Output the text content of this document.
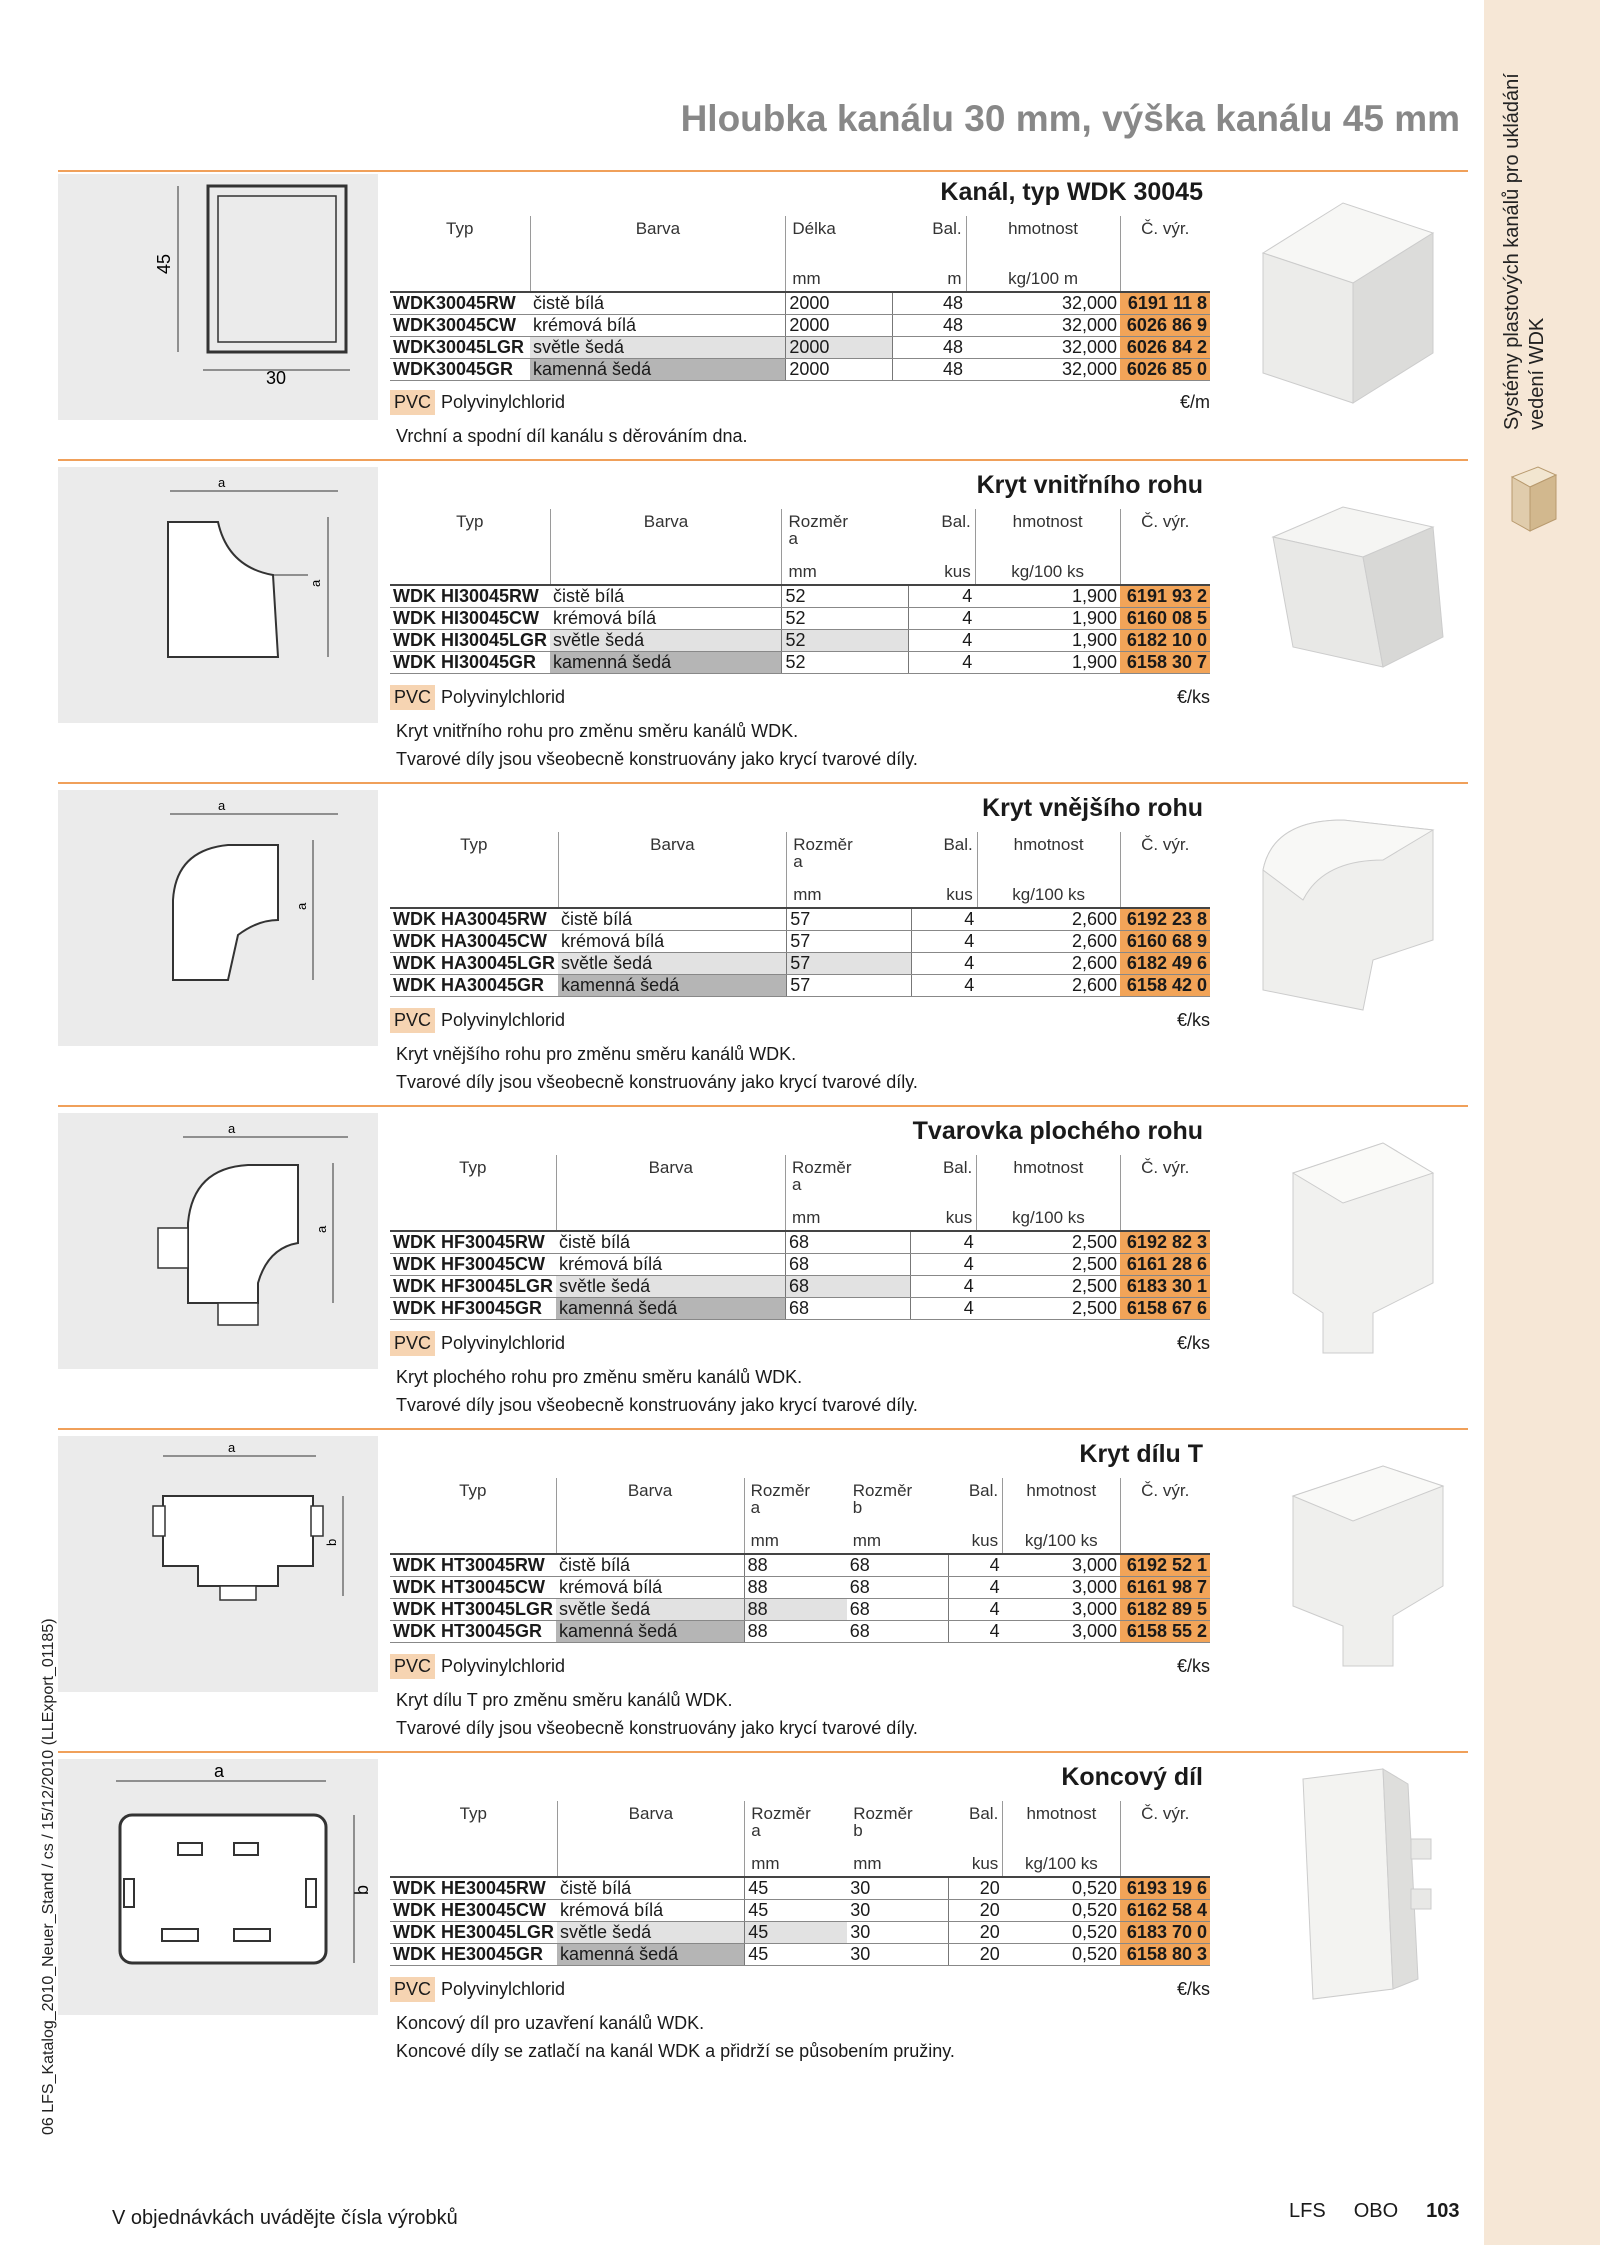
Systémy plastových kanálů pro ukládání vedení WDK
Hloubka kanálu 30 mm, výška kanálu 45 mm
45
30
Kanál, typ WDK 30045
Typ	Barva	Délka	Bal.	hmotnost	Č. výr.
		mm	m	kg/100 m	
WDK30045RW	čistě bílá	2000	48	32,000	6191 11 8
WDK30045CW	krémová bílá	2000	48	32,000	6026 86 9
WDK30045LGR	světle šedá	2000	48	32,000	6026 84 2
WDK30045GR	kamenná šedá	2000	48	32,000	6026 85 0
PVC Polyvinylchlorid	€/m
Vrchní a spodní díl kanálu s děrováním dna.
a
a
Kryt vnitřního rohu
Typ	Barva	Rozměr
a	Bal.	hmotnost	Č. výr.
		mm	kus	kg/100 ks	
WDK HI30045RW	čistě bílá	52	4	1,900	6191 93 2
WDK HI30045CW	krémová bílá	52	4	1,900	6160 08 5
WDK HI30045LGR	světle šedá	52	4	1,900	6182 10 0
WDK HI30045GR	kamenná šedá	52	4	1,900	6158 30 7
PVC Polyvinylchlorid	€/ks
Kryt vnitřního rohu pro změnu směru kanálů WDK.
Tvarové díly jsou všeobecně konstruovány jako krycí tvarové díly.
a
a
Kryt vnějšího rohu
Typ	Barva	Rozměr
a	Bal.	hmotnost	Č. výr.
		mm	kus	kg/100 ks	
WDK HA30045RW	čistě bílá	57	4	2,600	6192 23 8
WDK HA30045CW	krémová bílá	57	4	2,600	6160 68 9
WDK HA30045LGR	světle šedá	57	4	2,600	6182 49 6
WDK HA30045GR	kamenná šedá	57	4	2,600	6158 42 0
PVC Polyvinylchlorid	€/ks
Kryt vnějšího rohu pro změnu směru kanálů WDK.
Tvarové díly jsou všeobecně konstruovány jako krycí tvarové díly.
a
a
Tvarovka plochého rohu
Typ	Barva	Rozměr
a	Bal.	hmotnost	Č. výr.
		mm	kus	kg/100 ks	
WDK HF30045RW	čistě bílá	68	4	2,500	6192 82 3
WDK HF30045CW	krémová bílá	68	4	2,500	6161 28 6
WDK HF30045LGR	světle šedá	68	4	2,500	6183 30 1
WDK HF30045GR	kamenná šedá	68	4	2,500	6158 67 6
PVC Polyvinylchlorid	€/ks
Kryt plochého rohu pro změnu směru kanálů WDK.
Tvarové díly jsou všeobecně konstruovány jako krycí tvarové díly.
a
b
Kryt dílu T
Typ	Barva	Rozměr
a	Rozměr
b	Bal.	hmotnost	Č. výr.
		mm	mm	kus	kg/100 ks	
WDK HT30045RW	čistě bílá	88	68	4	3,000	6192 52 1
WDK HT30045CW	krémová bílá	88	68	4	3,000	6161 98 7
WDK HT30045LGR	světle šedá	88	68	4	3,000	6182 89 5
WDK HT30045GR	kamenná šedá	88	68	4	3,000	6158 55 2
PVC Polyvinylchlorid	€/ks
Kryt dílu T pro změnu směru kanálů WDK.
Tvarové díly jsou všeobecně konstruovány jako krycí tvarové díly.
a
b
Koncový díl
Typ	Barva	Rozměr
a	Rozměr
b	Bal.	hmotnost	Č. výr.
		mm	mm	kus	kg/100 ks	
WDK HE30045RW	čistě bílá	45	30	20	0,520	6193 19 6
WDK HE30045CW	krémová bílá	45	30	20	0,520	6162 58 4
WDK HE30045LGR	světle šedá	45	30	20	0,520	6183 70 0
WDK HE30045GR	kamenná šedá	45	30	20	0,520	6158 80 3
PVC Polyvinylchlorid	€/ks
Koncový díl pro uzavření kanálů WDK.
Koncové díly se zatlačí na kanál WDK a přidrží se působením pružiny.
06 LFS_Katalog_2010_Neuer_Stand / cs / 15/12/2010 (LLExport_01185)
V objednávkách uvádějte čísla výrobků	LFS OBO 103
